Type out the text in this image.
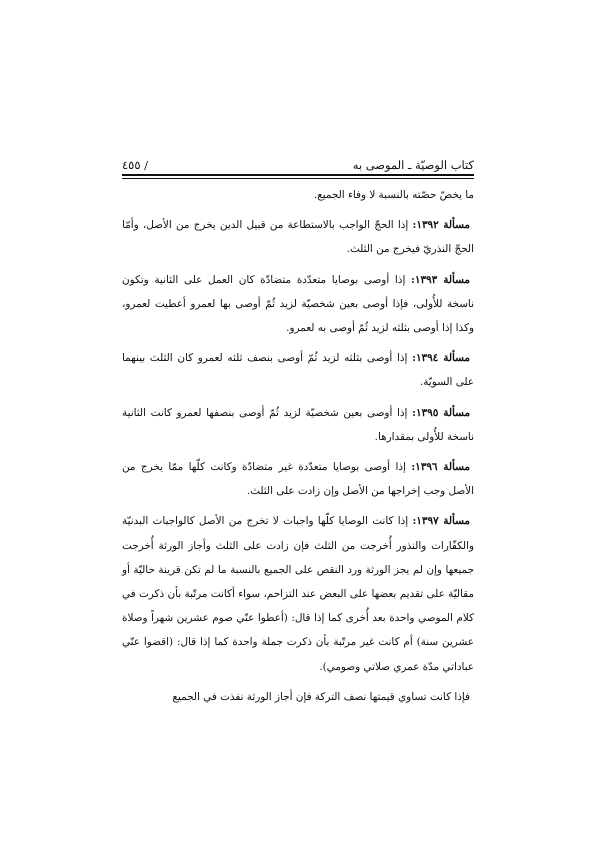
كتاب الوصيّة ـ الموصى به
/ ٤٥٥

ما يخصّ حصّته بالنسبة لا وفاء الجميع.

مسألة ١٣٩٢: إذا الحجّ الواجب بالاستطاعة من قبيل الدين يخرج من الأصل، وأمّا الحجّ النذريّ فيخرج من الثلث.

مسألة ١٣٩٣: إذا أوصى بوصايا متعدّدة متضادّة كان العمل على الثانية وتكون ناسخة للأُولى، فإذا أوصى بعين شخصيّة لزيد ثُمّ أوصى بها لعمرو أعطيت لعمرو، وكذا إذا أوصى بثلثه لزيد ثُمّ أوصى به لعمرو.

مسألة ١٣٩٤: إذا أوصى بثلثه لزيد ثُمّ أوصى بنصف ثلثه لعمرو كان الثلث بينهما على السويّة.

مسألة ١٣٩٥: إذا أوصى بعين شخصيّة لزيد ثُمّ أوصى بنصفها لعمرو كانت الثانية ناسخة للأُولى بمقدارها.

مسألة ١٣٩٦: إذا أوصى بوصايا متعدّدة غير متضادّة وكانت كلّها ممّا يخرج من الأصل وجب إخراجها من الأصل وإن زادت على الثلث.

مسألة ١٣٩٧: إذا كانت الوصايا كلّها واجبات لا تخرج من الأصل كالواجبات البدنيّة والكفّارات والنذور أُخرجت من الثلث فإن زادت على الثلث وأجاز الورثة أُخرجت جميعها وإن لم يجز الورثة ورد النقص على الجميع بالنسبة ما لم تكن قرينة حاليّة أو مقاليّة على تقديم بعضها على البعض عند التزاحم، سواء أكانت مرتّبة بأن ذكرت في كلام الموصي واحدة بعد أُخرى كما إذا قال: (أعطوا عنّي صوم عشرين شهراً وصلاة عشرين سنة) أم كانت غير مرتّبة بأن ذكرت جملة واحدة كما إذا قال: (اقضوا عنّي عباداتي مدّة عمري صلاتي وصومي).

فإذا كانت تساوي قيمتها نصف التركة فإن أجاز الورثة نفذت في الجميع
